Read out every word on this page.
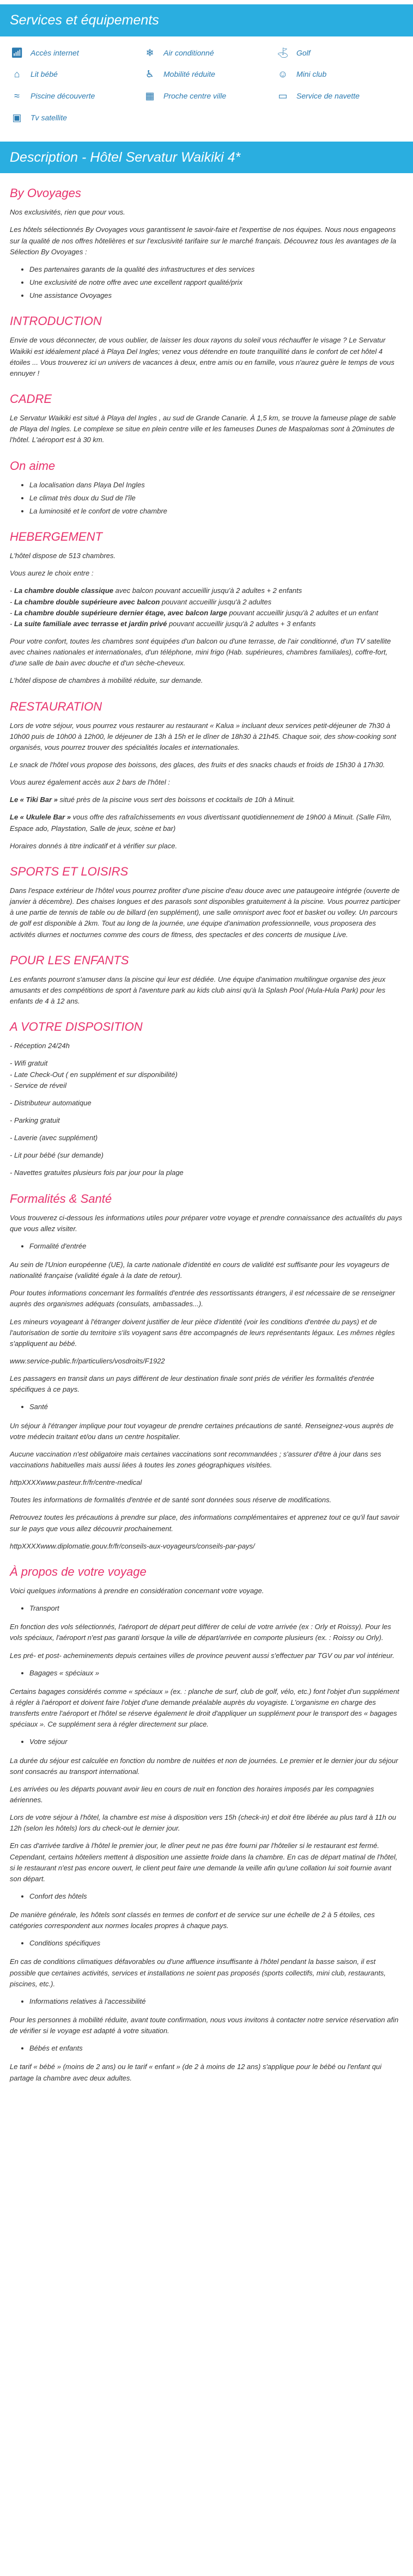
Services et équipements
📶︎ Accès internet	❄︎	Air conditionné	⛳︎ Golf
⌂	Lit bébé	♿︎	Mobilité réduite	☺ Mini club
≈	Piscine découverte	▦	Proche centre ville	▭	Service de navette
▣	Tv satellite
Description - Hôtel Servatur Waikiki 4*
By Ovoyages

Nos exclusivités, rien que pour vous.

Les hôtels sélectionnés By Ovoyages vous garantissent le savoir-faire et l'expertise de nos équipes. Nous nous engageons sur la qualité de nos offres hôtelières et sur l'exclusivité tarifaire sur le marché français. Découvrez tous les avantages de la Sélection By Ovoyages :

• Des partenaires garants de la qualité des infrastructures et des services
• Une exclusivité de notre offre avec une excellent rapport qualité/prix
• Une assistance Ovoyages
INTRODUCTION

Envie de vous déconnecter, de vous oublier, de laisser les doux rayons du soleil vous réchauffer le visage ? Le Servatur Waikiki est idéalement placé à Playa Del Ingles; venez vous détendre en toute tranquillité dans le confort de cet hôtel 4 étoiles ... Vous trouverez ici un univers de vacances à deux, entre amis ou en famille, vous n'aurez guère le temps de vous ennuyer !

CADRE

Le Servatur Waikiki est situé à Playa del Ingles , au sud de Grande Canarie. À 1,5 km, se trouve la fameuse plage de sable de Playa del Ingles. Le complexe se situe en plein centre ville et les fameuses Dunes de Maspalomas sont à 20minutes de l'hôtel. L'aéroport est à 30 km.

On aime
• La localisation dans Playa Del Ingles
• Le climat très doux du Sud de l'île
• La luminosité et le confort de votre chambre
HEBERGEMENT

L'hôtel dispose de 513 chambres.

Vous aurez le choix entre :

- La chambre double classique avec balcon pouvant accueillir jusqu'à 2 adultes + 2 enfants
- La chambre double supérieure avec balcon pouvant accueillir jusqu'à 2 adultes
- La chambre double supérieure dernier étage, avec balcon large pouvant accueillir jusqu'à 2 adultes et un enfant
- La suite familiale avec terrasse et jardin privé pouvant accueillir jusqu'à 2 adultes + 3 enfants

Pour votre confort, toutes les chambres sont équipées d'un balcon ou d'une terrasse, de l'air conditionné, d'un TV satellite avec chaines nationales et internationales, d'un téléphone, mini frigo (Hab. supérieures, chambres familiales), coffre-fort, d'une salle de bain avec douche et d'un sèche-cheveux.

L'hôtel dispose de chambres à mobilité réduite, sur demande.

RESTAURATION

Lors de votre séjour, vous pourrez vous restaurer au restaurant « Kalua » incluant deux services petit-déjeuner de 7h30 à 10h00 puis de 10h00 à 12h00, le déjeuner de 13h à 15h et le dîner de 18h30 à 21h45. Chaque soir, des show-cooking sont organisés, vous pourrez trouver des spécialités locales et internationales.

Le snack de l'hôtel vous propose des boissons, des glaces, des fruits et des snacks chauds et froids de 15h30 à 17h30.

Vous aurez également accès aux 2 bars de l'hôtel :

Le « Tiki Bar » situé près de la piscine vous sert des boissons et cocktails de 10h à Minuit.

Le « Ukulele Bar » vous offre des rafraîchissements en vous divertissant quotidiennement de 19h00 à Minuit. (Salle Film, Espace ado, Playstation, Salle de jeux, scène et bar)

Horaires donnés à titre indicatif et à vérifier sur place.

SPORTS ET LOISIRS

Dans l'espace extérieur de l'hôtel vous pourrez profiter d'une piscine d'eau douce avec une pataugeoire intégrée (ouverte de janvier à décembre). Des chaises longues et des parasols sont disponibles gratuitement à la piscine. Vous pourrez participer à une partie de tennis de table ou de billard (en supplément), une salle omnisport avec foot et basket ou volley. Un parcours de golf est disponible à 2km. Tout au long de la journée, une équipe d'animation professionnelle, vous proposera des activités diurnes et nocturnes comme des cours de fitness, des spectacles et des concerts de musique Live.

POUR LES ENFANTS

Les enfants pourront s'amuser dans la piscine qui leur est dédiée. Une équipe d'animation multilingue organise des jeux amusants et des compétitions de sport à l'aventure park au kids club ainsi qu'à la Splash Pool (Hula-Hula Park) pour les enfants de 4 à 12 ans.

A VOTRE DISPOSITION

- Réception 24/24h

- Wifi gratuit
- Late Check-Out ( en supplément et sur disponibilité)
- Service de réveil

- Distributeur automatique

- Parking gratuit

- Laverie (avec supplément)

- Lit pour bébé (sur demande)

- Navettes gratuites plusieurs fois par jour pour la plage

Formalités & Santé

Vous trouverez ci-dessous les informations utiles pour préparer votre voyage et prendre connaissance des actualités du pays que vous allez visiter.

• Formalité d'entrée

Au sein de l'Union européenne (UE), la carte nationale d'identité en cours de validité est suffisante pour les voyageurs de nationalité française (validité égale à la date de retour).

Pour toutes informations concernant les formalités d'entrée des ressortissants étrangers, il est nécessaire de se renseigner auprès des organismes adéquats (consulats, ambassades...).

Les mineurs voyageant à l'étranger doivent justifier de leur pièce d'identité (voir les conditions d'entrée du pays) et de l'autorisation de sortie du territoire s'ils voyagent sans être accompagnés de leurs représentants légaux. Les mêmes règles s'appliquent au bébé.

www.service-public.fr/particuliers/vosdroits/F1922

Les passagers en transit dans un pays différent de leur destination finale sont priés de vérifier les formalités d'entrée spécifiques à ce pays.

• Santé

Un séjour à l'étranger implique pour tout voyageur de prendre certaines précautions de santé. Renseignez-vous auprès de votre médecin traitant et/ou dans un centre hospitalier.

Aucune vaccination n'est obligatoire mais certaines vaccinations sont recommandées ; s'assurer d'être à jour dans ses vaccinations habituelles mais aussi liées à toutes les zones géographiques visitées.

httpXXXXwww.pasteur.fr/fr/centre-medical

Toutes les informations de formalités d'entrée et de santé sont données sous réserve de modifications.

Retrouvez toutes les précautions à prendre sur place, des informations complémentaires et apprenez tout ce qu'il faut savoir sur le pays que vous allez découvrir prochainement.

httpXXXXwww.diplomatie.gouv.fr/fr/conseils-aux-voyageurs/conseils-par-pays/

À propos de votre voyage

Voici quelques informations à prendre en considération concernant votre voyage.

• Transport

En fonction des vols sélectionnés, l'aéroport de départ peut différer de celui de votre arrivée (ex : Orly et Roissy). Pour les vols spéciaux, l'aéroport n'est pas garanti lorsque la ville de départ/arrivée en comporte plusieurs (ex. : Roissy ou Orly).

Les pré- et post- acheminements depuis certaines villes de province peuvent aussi s'effectuer par TGV ou par vol intérieur.

• Bagages « spéciaux »

Certains bagages considérés comme « spéciaux » (ex. : planche de surf, club de golf, vélo, etc.) font l'objet d'un supplément à régler à l'aéroport et doivent faire l'objet d'une demande préalable auprès du voyagiste. L'organisme en charge des transferts entre l'aéroport et l'hôtel se réserve également le droit d'appliquer un supplément pour le transport des « bagages spéciaux ». Ce supplément sera à régler directement sur place.

• Votre séjour

La durée du séjour est calculée en fonction du nombre de nuitées et non de journées. Le premier et le dernier jour du séjour sont consacrés au transport international.

Les arrivées ou les départs pouvant avoir lieu en cours de nuit en fonction des horaires imposés par les compagnies aériennes.

Lors de votre séjour à l'hôtel, la chambre est mise à disposition vers 15h (check-in) et doit être libérée au plus tard à 11h ou 12h (selon les hôtels) lors du check-out le dernier jour.

En cas d'arrivée tardive à l'hôtel le premier jour, le dîner peut ne pas être fourni par l'hôtelier si le restaurant est fermé. Cependant, certains hôteliers mettent à disposition une assiette froide dans la chambre. En cas de départ matinal de l'hôtel, si le restaurant n'est pas encore ouvert, le client peut faire une demande la veille afin qu'une collation lui soit fournie avant son départ.

• Confort des hôtels

De manière générale, les hôtels sont classés en termes de confort et de service sur une échelle de 2 à 5 étoiles, ces catégories correspondent aux normes locales propres à chaque pays.

• Conditions spécifiques

En cas de conditions climatiques défavorables ou d'une affluence insuffisante à l'hôtel pendant la basse saison, il est possible que certaines activités, services et installations ne soient pas proposés (sports collectifs, mini club, restaurants, piscines, etc.).

• Informations relatives à l'accessibilité

Pour les personnes à mobilité réduite, avant toute confirmation, nous vous invitons à contacter notre service réservation afin de vérifier si le voyage est adapté à votre situation.

• Bébés et enfants

Le tarif « bébé » (moins de 2 ans) ou le tarif « enfant » (de 2 à moins de 12 ans) s'applique pour le bébé ou l'enfant qui partage la chambre avec deux adultes.
